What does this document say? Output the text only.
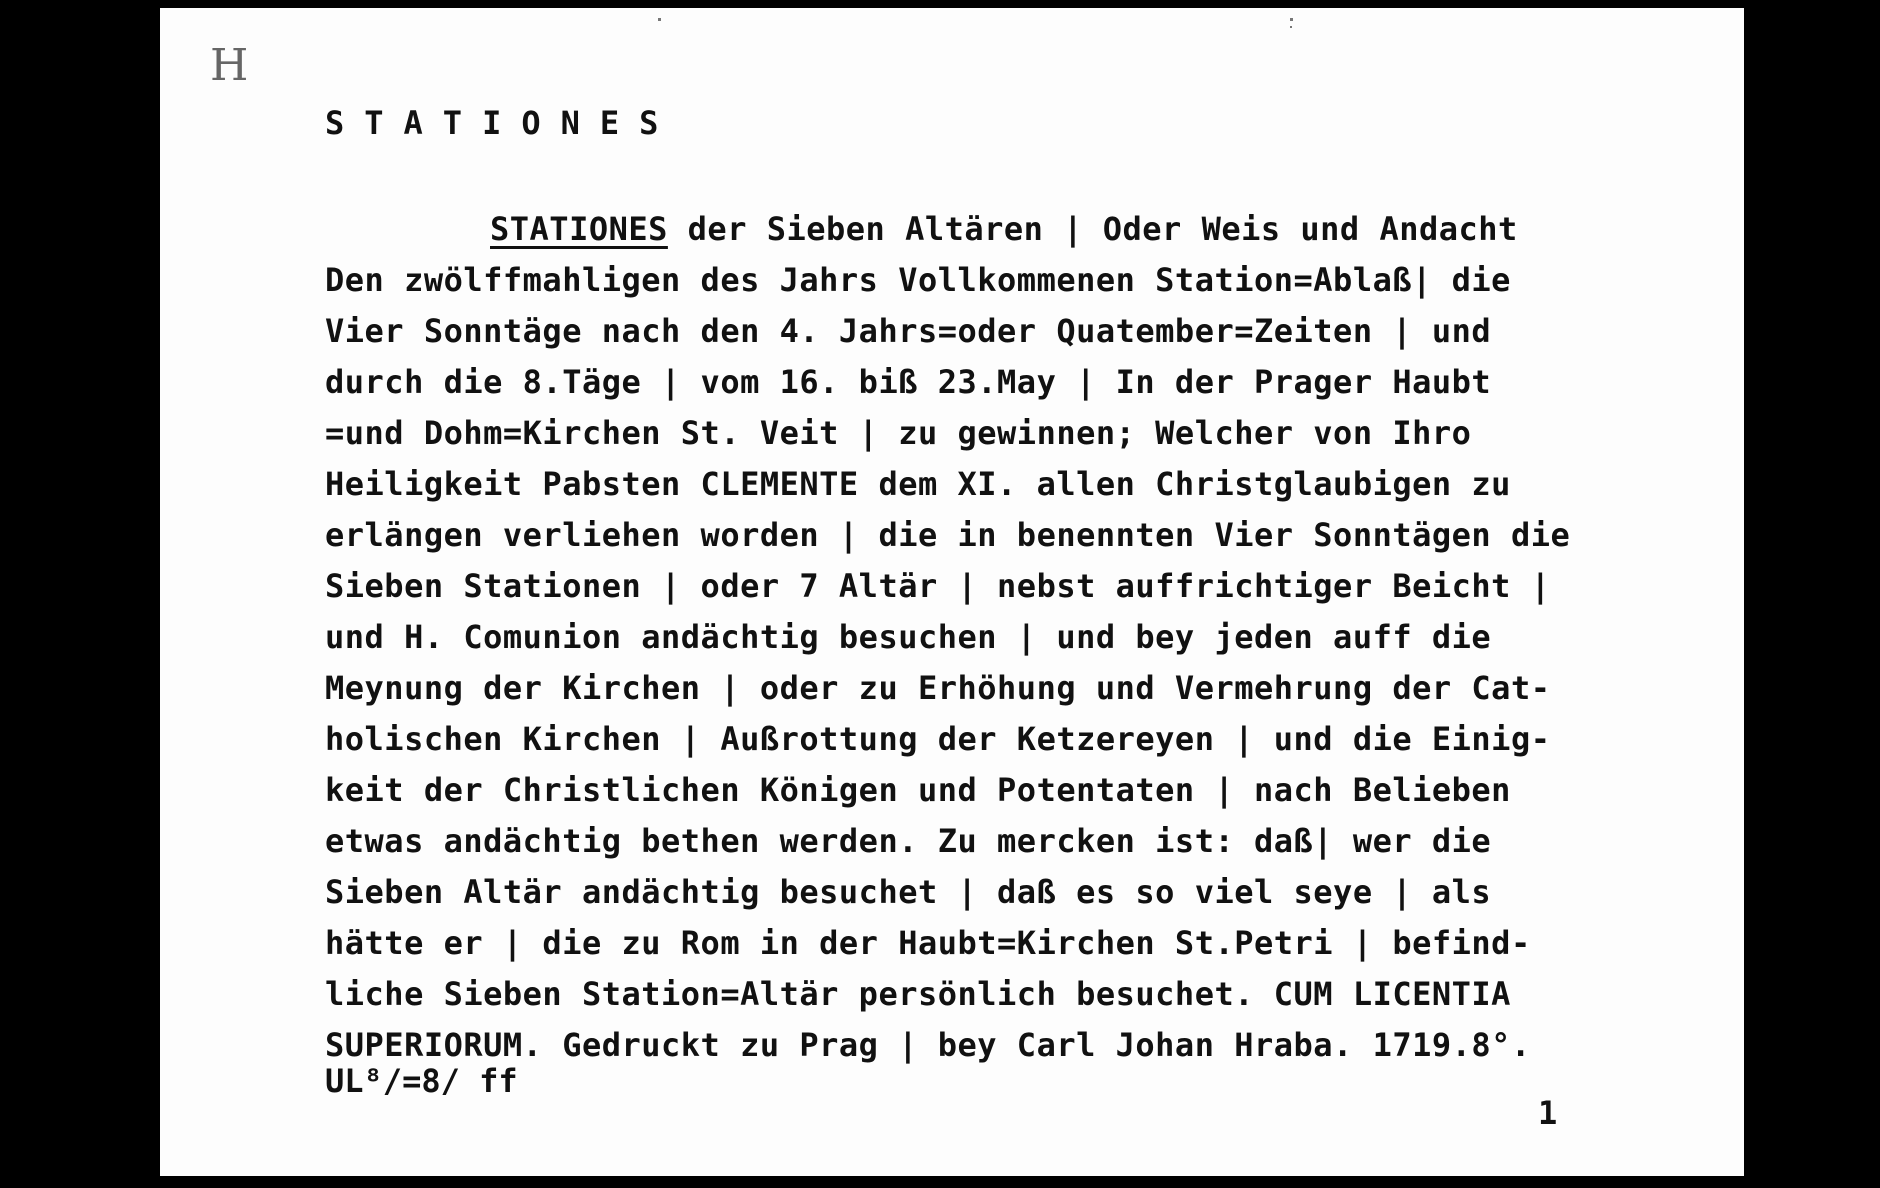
H
STATIONES
STATIONES der Sieben Altären | Oder Weis und Andacht
Den zwölffmahligen des Jahrs Vollkommenen Station=Ablaß| die
Vier Sonntäge nach den 4. Jahrs=oder Quatember=Zeiten | und
durch die 8.Täge | vom 16. biß 23.May | In der Prager Haubt
=und Dohm=Kirchen St. Veit | zu gewinnen; Welcher von Ihro
Heiligkeit Pabsten CLEMENTE dem XI. allen Christglaubigen zu
erlängen verliehen worden | die in benennten Vier Sonntägen die
Sieben Stationen | oder 7 Altär | nebst auffrichtiger Beicht |
und H. Comunion andächtig besuchen | und bey jeden auff die
Meynung der Kirchen | oder zu Erhöhung und Vermehrung der Cat-
holischen Kirchen | Außrottung der Ketzereyen | und die Einig-
keit der Christlichen Königen und Potentaten | nach Belieben
etwas andächtig bethen werden. Zu mercken ist: daß| wer die
Sieben Altär andächtig besuchet | daß es so viel seye | als
hätte er | die zu Rom in der Haubt=Kirchen St.Petri | befind-
liche Sieben Station=Altär persönlich besuchet. CUM LICENTIA
SUPERIORUM. Gedruckt zu Prag | bey Carl Johan Hraba. 1719.8°.
UL⁸/=8/ ff
1
